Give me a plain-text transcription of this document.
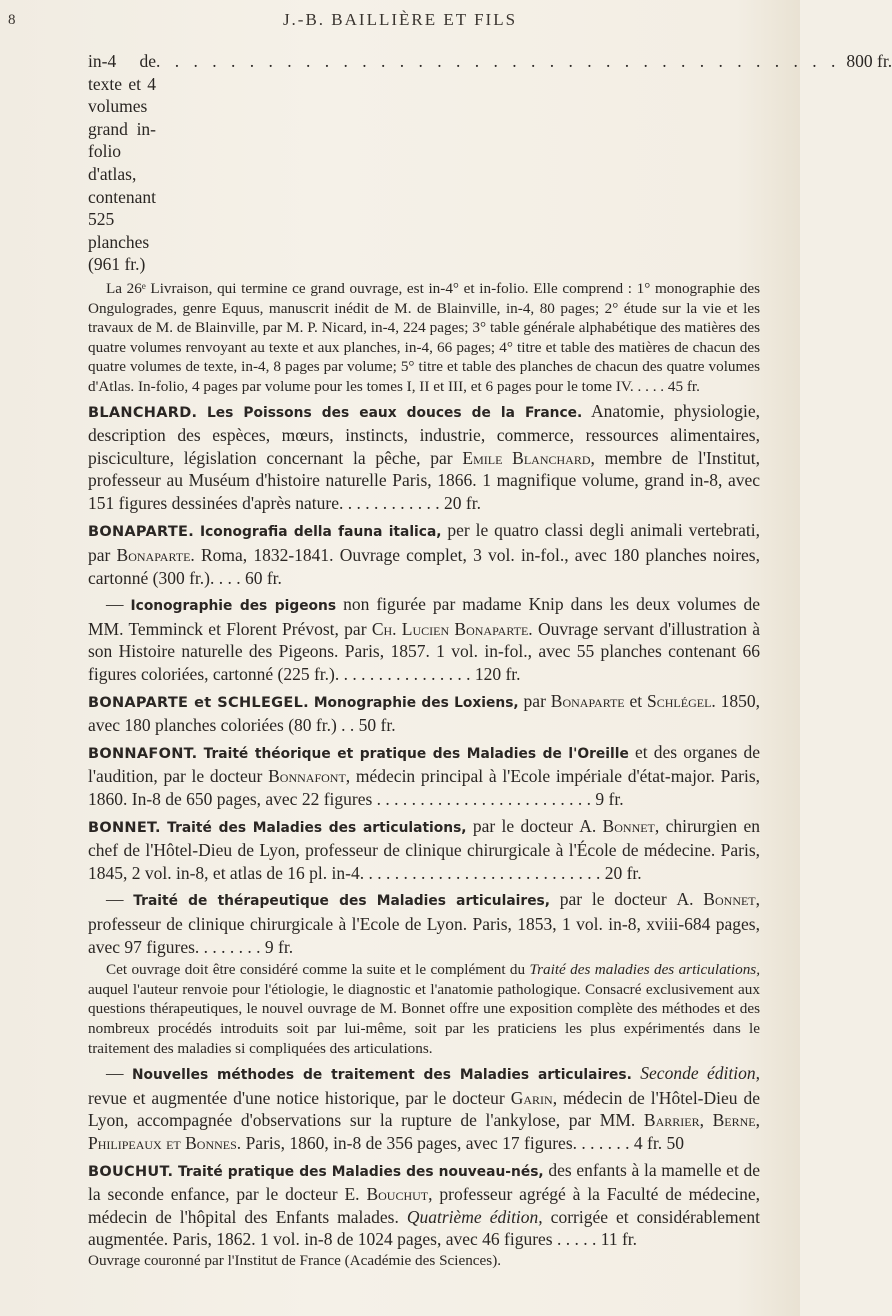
8	J.-B. BAILLIÈRE ET FILS
in-4 de texte et 4 volumes grand in-folio d'atlas, contenant 525 planches (961 fr.)
. . . . . . . . . . . . . . . . . . . . . . . . . . . . . . . . . . . . . 800 fr.

La 26ᵉ Livraison, qui termine ce grand ouvrage, est in-4° et in-folio. Elle comprend : 1° monographie des Ongulogrades, genre Equus, manuscrit inédit de M. de Blainville, in-4, 80 pages; 2° étude sur la vie et les travaux de M. de Blainville, par M. P. Nicard, in-4, 224 pages; 3° table générale alphabétique des matières des quatre volumes renvoyant au texte et aux planches, in-4, 66 pages; 4° titre et table des matières de chacun des quatre volumes de texte, in-4, 8 pages par volume; 5° titre et table des planches de chacun des quatre volumes d'Atlas. In-folio, 4 pages par volume pour les tomes I, II et III, et 6 pages pour le tome IV. . . . . 45 fr.

BLANCHARD. Les Poissons des eaux douces de la France. Anatomie, physiologie, description des espèces, mœurs, instincts, industrie, commerce, ressources alimentaires, pisciculture, législation concernant la pêche, par Emile Blanchard, membre de l'Institut, professeur au Muséum d'histoire naturelle Paris, 1866. 1 magnifique volume, grand in-8, avec 151 figures dessinées d'après nature. . . . . . . . . . . . 20 fr.

BONAPARTE. Iconografia della fauna italica, per le quatro classi degli animali vertebrati, par Bonaparte. Roma, 1832-1841. Ouvrage complet, 3 vol. in-fol., avec 180 planches noires, cartonné (300 fr.). . . . 60 fr.

— Iconographie des pigeons non figurée par madame Knip dans les deux volumes de MM. Temminck et Florent Prévost, par Ch. Lucien Bonaparte. Ouvrage servant d'illustration à son Histoire naturelle des Pigeons. Paris, 1857. 1 vol. in-fol., avec 55 planches contenant 66 figures coloriées, cartonné (225 fr.). . . . . . . . . . . . . . . . 120 fr.

BONAPARTE et SCHLEGEL. Monographie des Loxiens, par Bonaparte et Schlégel. 1850, avec 180 planches coloriées (80 fr.) . . 50 fr.

BONNAFONT. Traité théorique et pratique des Maladies de l'Oreille et des organes de l'audition, par le docteur Bonnafont, médecin principal à l'Ecole impériale d'état-major. Paris, 1860. In-8 de 650 pages, avec 22 figures . . . . . . . . . . . . . . . . . . . . . . . . . 9 fr.

BONNET. Traité des Maladies des articulations, par le docteur A. Bonnet, chirurgien en chef de l'Hôtel-Dieu de Lyon, professeur de clinique chirurgicale à l'École de médecine. Paris, 1845, 2 vol. in-8, et atlas de 16 pl. in-4. . . . . . . . . . . . . . . . . . . . . . . . . . . . 20 fr.

— Traité de thérapeutique des Maladies articulaires, par le docteur A. Bonnet, professeur de clinique chirurgicale à l'Ecole de Lyon. Paris, 1853, 1 vol. in-8, xviii-684 pages, avec 97 figures. . . . . . . . 9 fr.

Cet ouvrage doit être considéré comme la suite et le complément du Traité des maladies des articulations, auquel l'auteur renvoie pour l'étiologie, le diagnostic et l'anatomie pathologique. Consacré exclusivement aux questions thérapeutiques, le nouvel ouvrage de M. Bonnet offre une exposition complète des méthodes et des nombreux procédés introduits soit par lui-même, soit par les praticiens les plus expérimentés dans le traitement des maladies si compliquées des articulations.

— Nouvelles méthodes de traitement des Maladies articulaires. Seconde édition, revue et augmentée d'une notice historique, par le docteur Garin, médecin de l'Hôtel-Dieu de Lyon, accompagnée d'observations sur la rupture de l'ankylose, par MM. Barrier, Berne, Philipeaux et Bonnes. Paris, 1860, in-8 de 356 pages, avec 17 figures. . . . . . . 4 fr. 50

BOUCHUT. Traité pratique des Maladies des nouveau-nés, des enfants à la mamelle et de la seconde enfance, par le docteur E. Bouchut, professeur agrégé à la Faculté de médecine, médecin de l'hôpital des Enfants malades. Quatrième édition, corrigée et considérablement augmentée. Paris, 1862. 1 vol. in-8 de 1024 pages, avec 46 figures . . . . . 11 fr.

Ouvrage couronné par l'Institut de France (Académie des Sciences).
